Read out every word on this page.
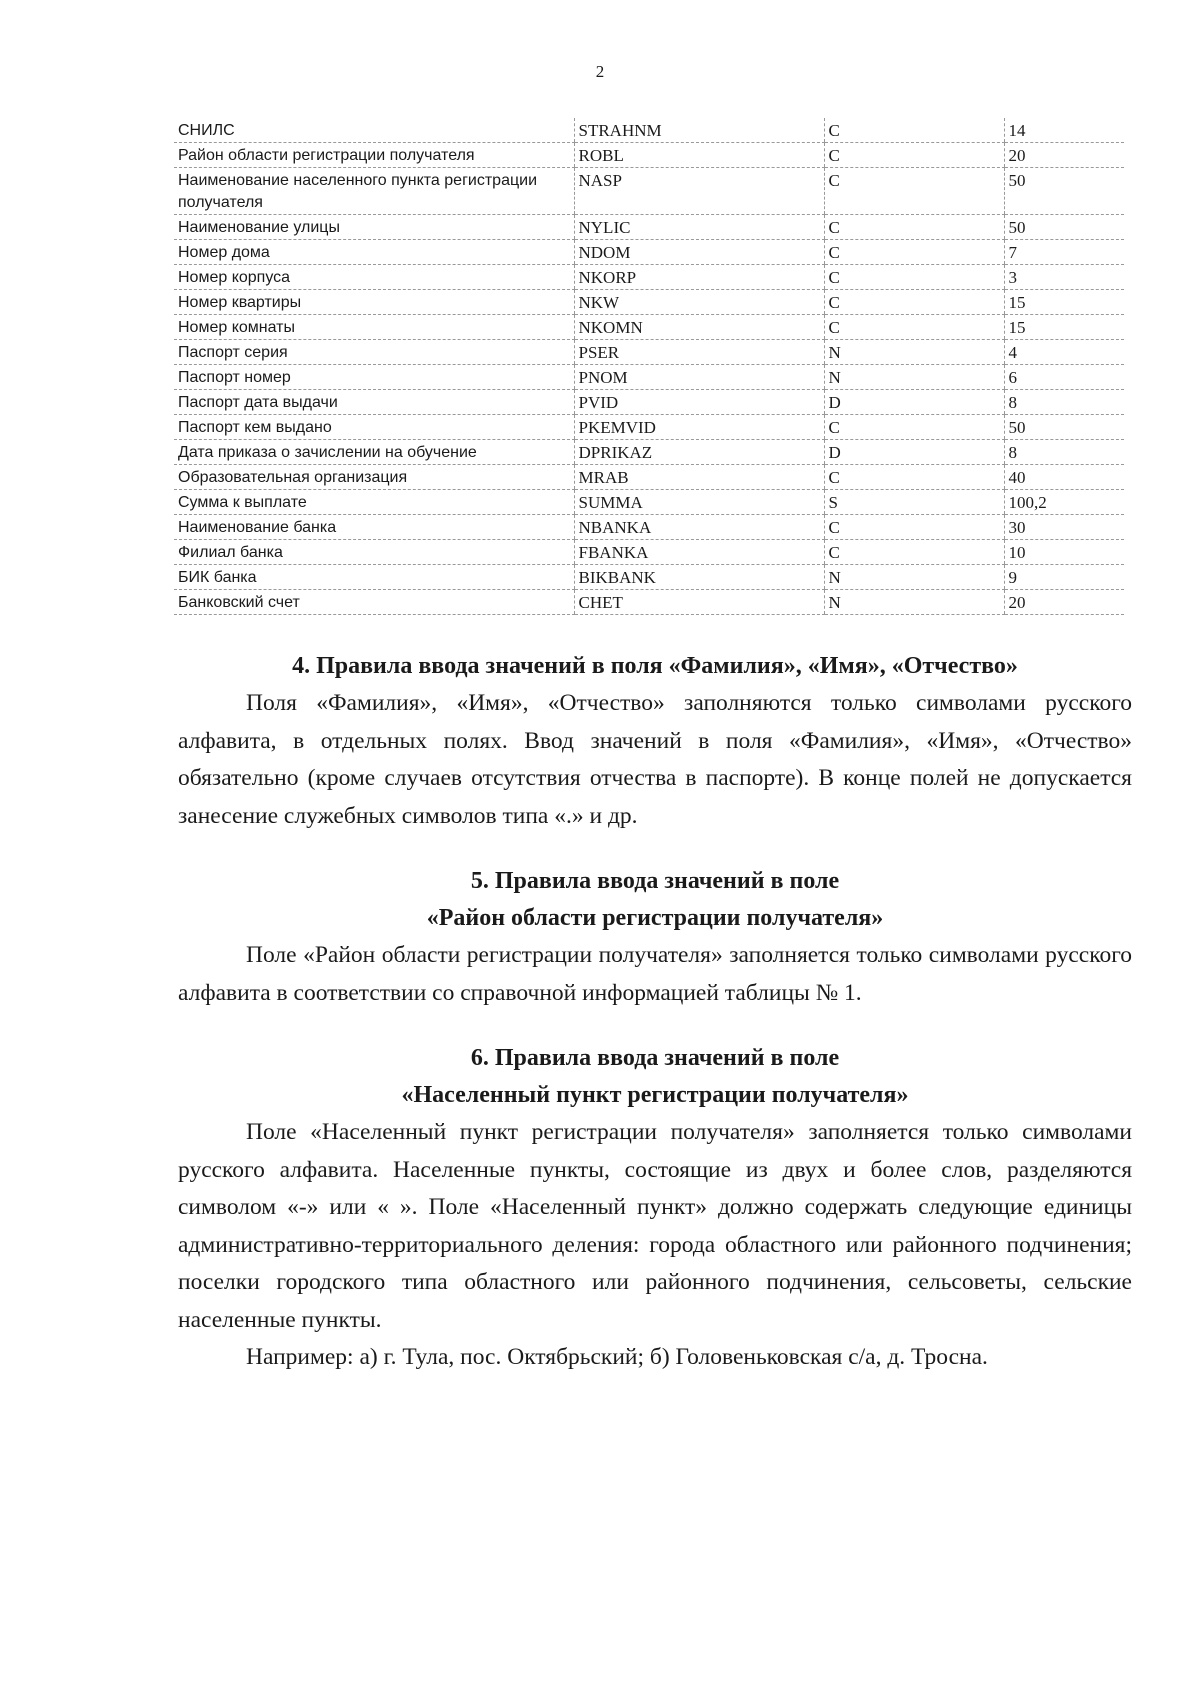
2
СНИЛС	STRAHNM	C	14
Район области регистрации получателя	ROBL	C	20
Наименование населенного пункта регистрации получателя	NASP	C	50
Наименование улицы	NYLIC	C	50
Номер дома	NDOM	C	7
Номер корпуса	NKORP	C	3
Номер квартиры	NKW	C	15
Номер комнаты	NKOMN	C	15
Паспорт серия	PSER	N	4
Паспорт номер	PNOM	N	6
Паспорт дата выдачи	PVID	D	8
Паспорт кем выдано	PKEMVID	C	50
Дата приказа о зачислении на обучение	DPRIKAZ	D	8
Образовательная организация	MRAB	C	40
Сумма к выплате	SUMMA	S	100,2
Наименование банка	NBANKA	C	30
Филиал банка	FBANKA	C	10
БИК банка	BIKBANK	N	9
Банковский счет	CHET	N	20
4. Правила ввода значений в поля «Фамилия», «Имя», «Отчество»

Поля «Фамилия», «Имя», «Отчество» заполняются только символами русского алфавита, в отдельных полях. Ввод значений в поля «Фамилия», «Имя», «Отчество» обязательно (кроме случаев отсутствия отчества в паспорте). В конце полей не допускается занесение служебных символов типа «.» и др.

5. Правила ввода значений в поле
«Район области регистрации получателя»

Поле «Район области регистрации получателя» заполняется только символами русского алфавита в соответствии со справочной информацией таблицы № 1.

6. Правила ввода значений в поле
«Населенный пункт регистрации получателя»

Поле «Населенный пункт регистрации получателя» заполняется только символами русского алфавита. Населенные пункты, состоящие из двух и более слов, разделяются символом «-» или « ». Поле «Населенный пункт» должно содержать следующие единицы административно-территориального деления: города областного или районного подчинения; поселки городского типа областного или районного подчинения, сельсоветы, сельские населенные пункты.

Например: а) г. Тула, пос. Октябрьский; б) Головеньковская с/а, д. Тросна.
